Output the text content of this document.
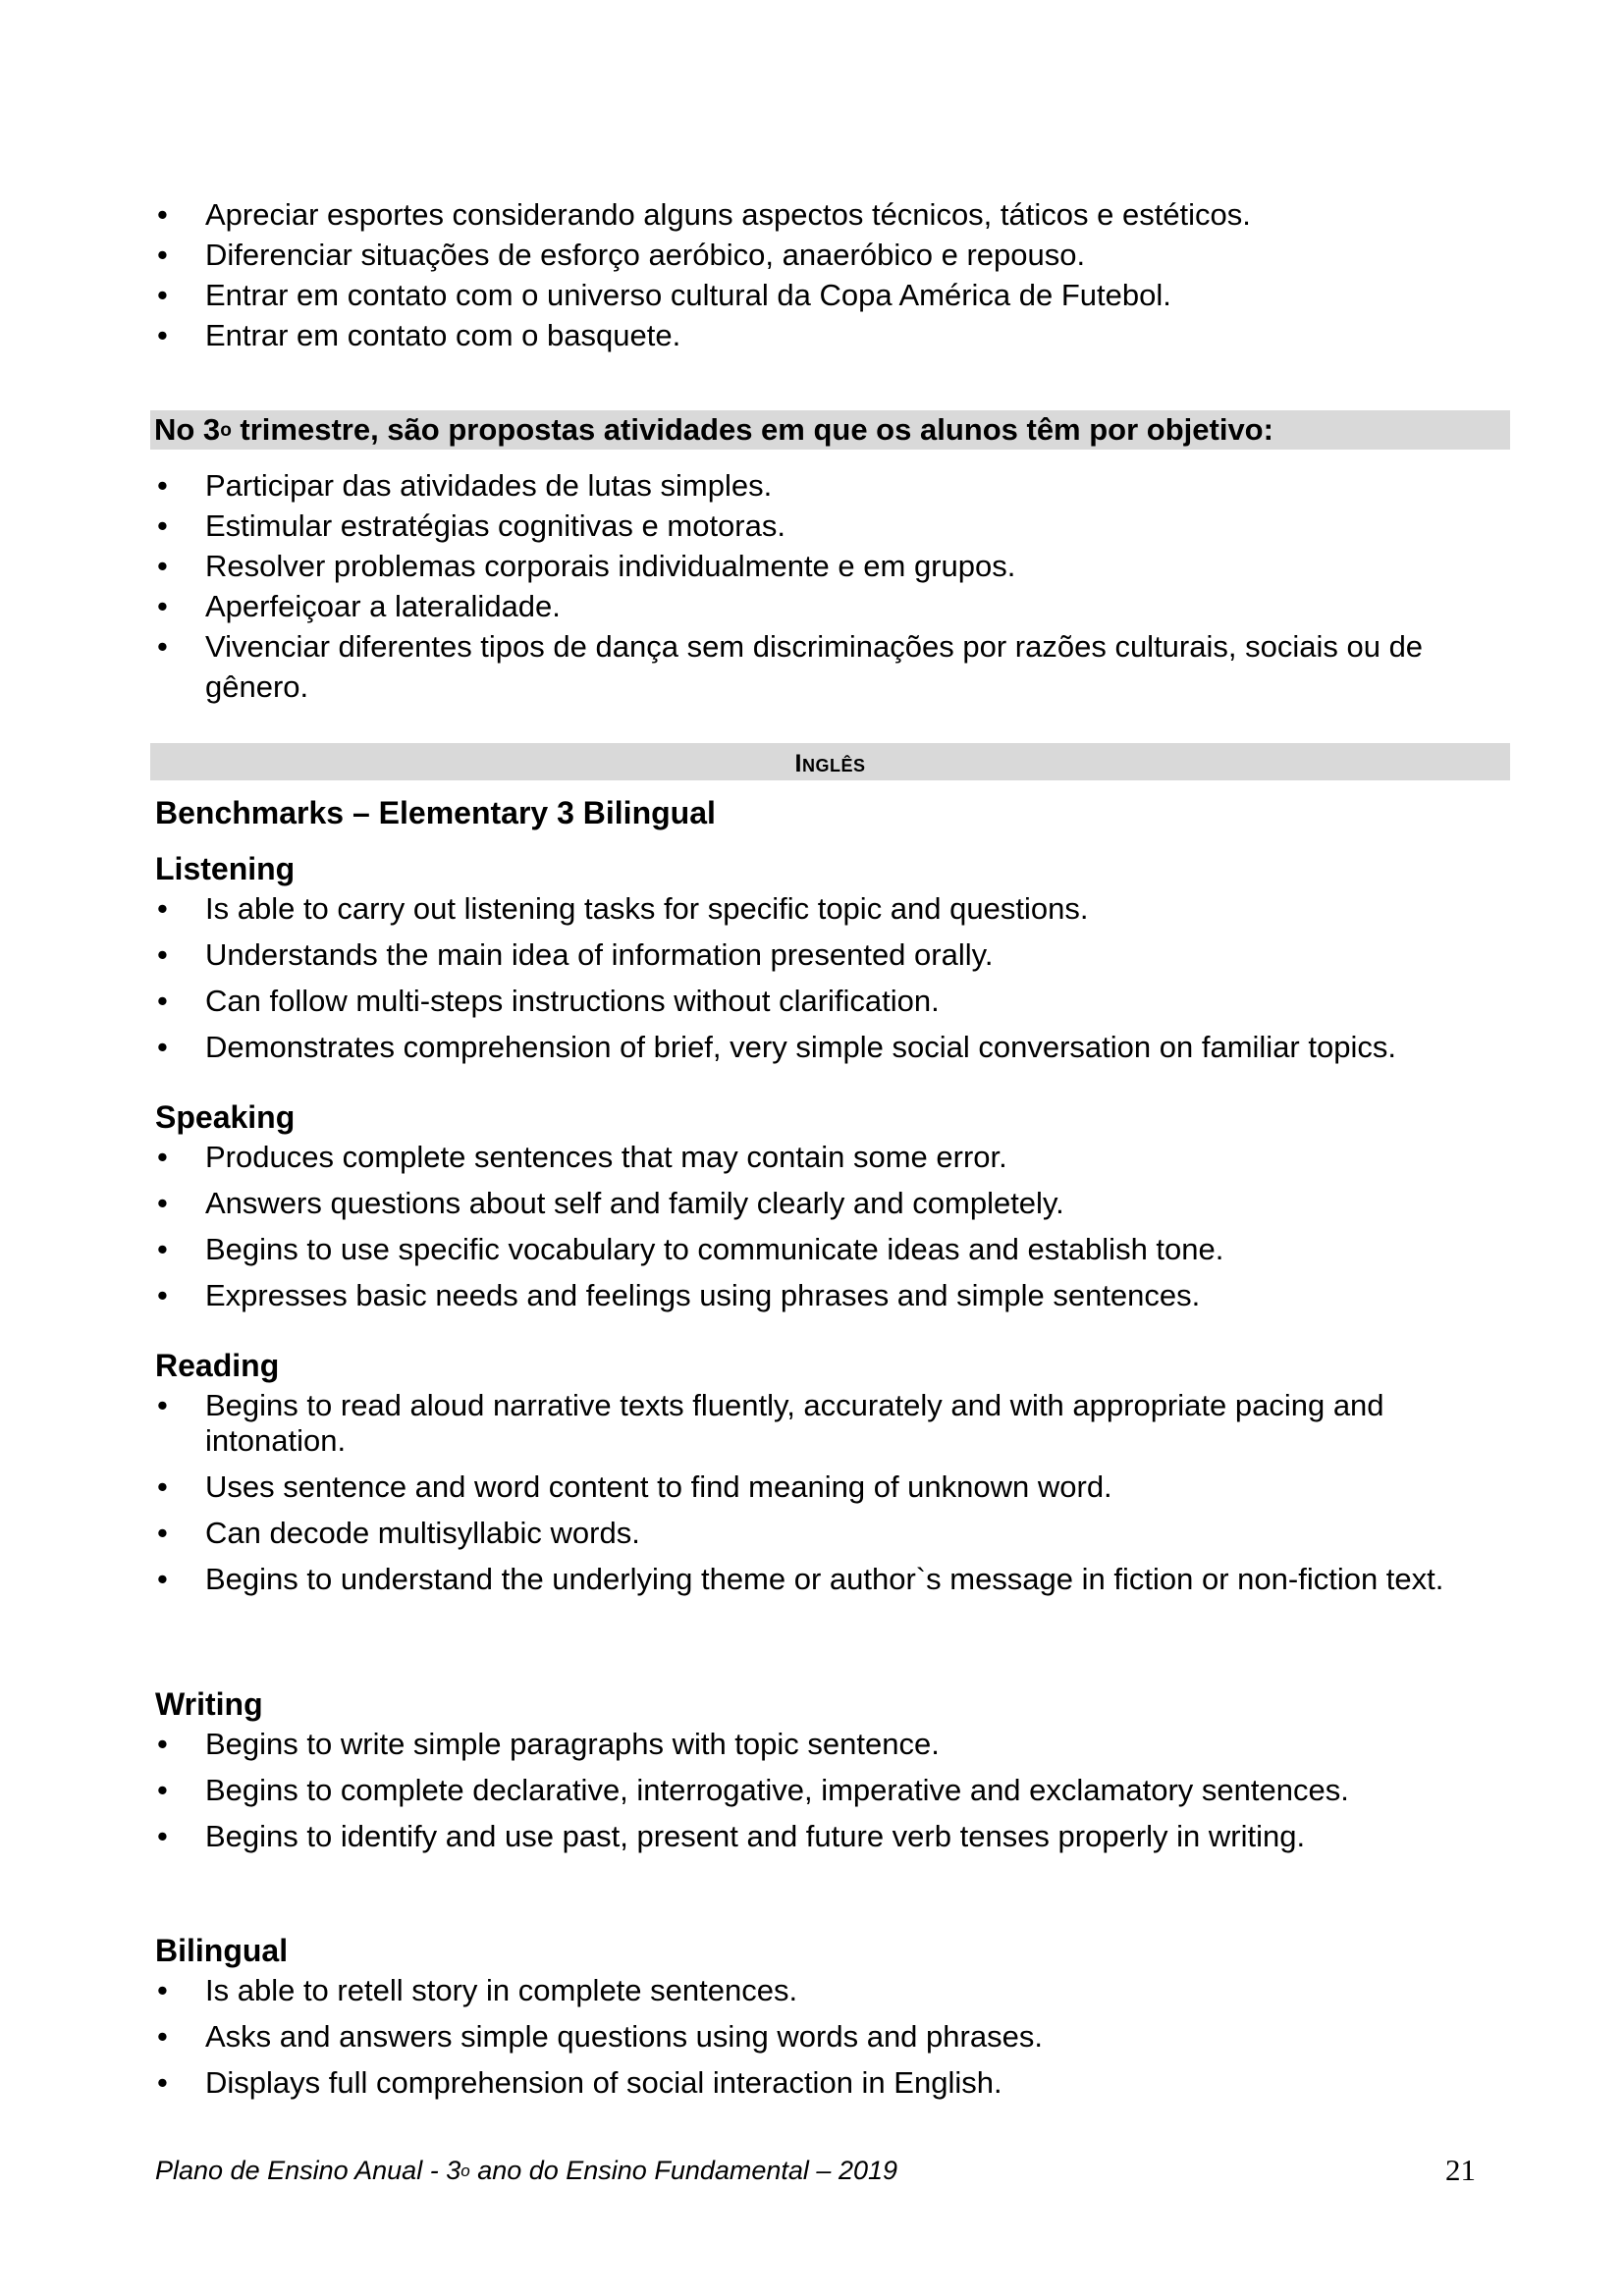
• Apreciar esportes considerando alguns aspectos técnicos, táticos e estéticos.
• Diferenciar situações de esforço aeróbico, anaeróbico e repouso.
• Entrar em contato com o universo cultural da Copa América de Futebol.
• Entrar em contato com o basquete.
No 3$^o$ trimestre, são propostas atividades em que os alunos têm por objetivo:
• Participar das atividades de lutas simples.
• Estimular estratégias cognitivas e motoras.
• Resolver problemas corporais individualmente e em grupos.
• Aperfeiçoar a lateralidade.
• Vivenciar diferentes tipos de dança sem discriminações por razões culturais, sociais ou de gênero.
Inglês
Benchmarks – Elementary 3 Bilingual
Listening
• Is able to carry out listening tasks for specific topic and questions.
• Understands the main idea of information presented orally.
• Can follow multi-steps instructions without clarification.
• Demonstrates comprehension of brief, very simple social conversation on familiar topics.
Speaking
• Produces complete sentences that may contain some error.
• Answers questions about self and family clearly and completely.
• Begins to use specific vocabulary to communicate ideas and establish tone.
• Expresses basic needs and feelings using phrases and simple sentences.
Reading
• Begins to read aloud narrative texts fluently, accurately and with appropriate pacing and intonation.
• Uses sentence and word content to find meaning of unknown word.
• Can decode multisyllabic words.
• Begins to understand the underlying theme or author`s message in fiction or non-fiction text.
Writing
• Begins to write simple paragraphs with topic sentence.
• Begins to complete declarative, interrogative, imperative and exclamatory sentences.
• Begins to identify and use past, present and future verb tenses properly in writing.
Bilingual
• Is able to retell story in complete sentences.
• Asks and answers simple questions using words and phrases.
• Displays full comprehension of social interaction in English.
Plano de Ensino Anual - 3$^o$ ano do Ensino Fundamental – 2019	21
